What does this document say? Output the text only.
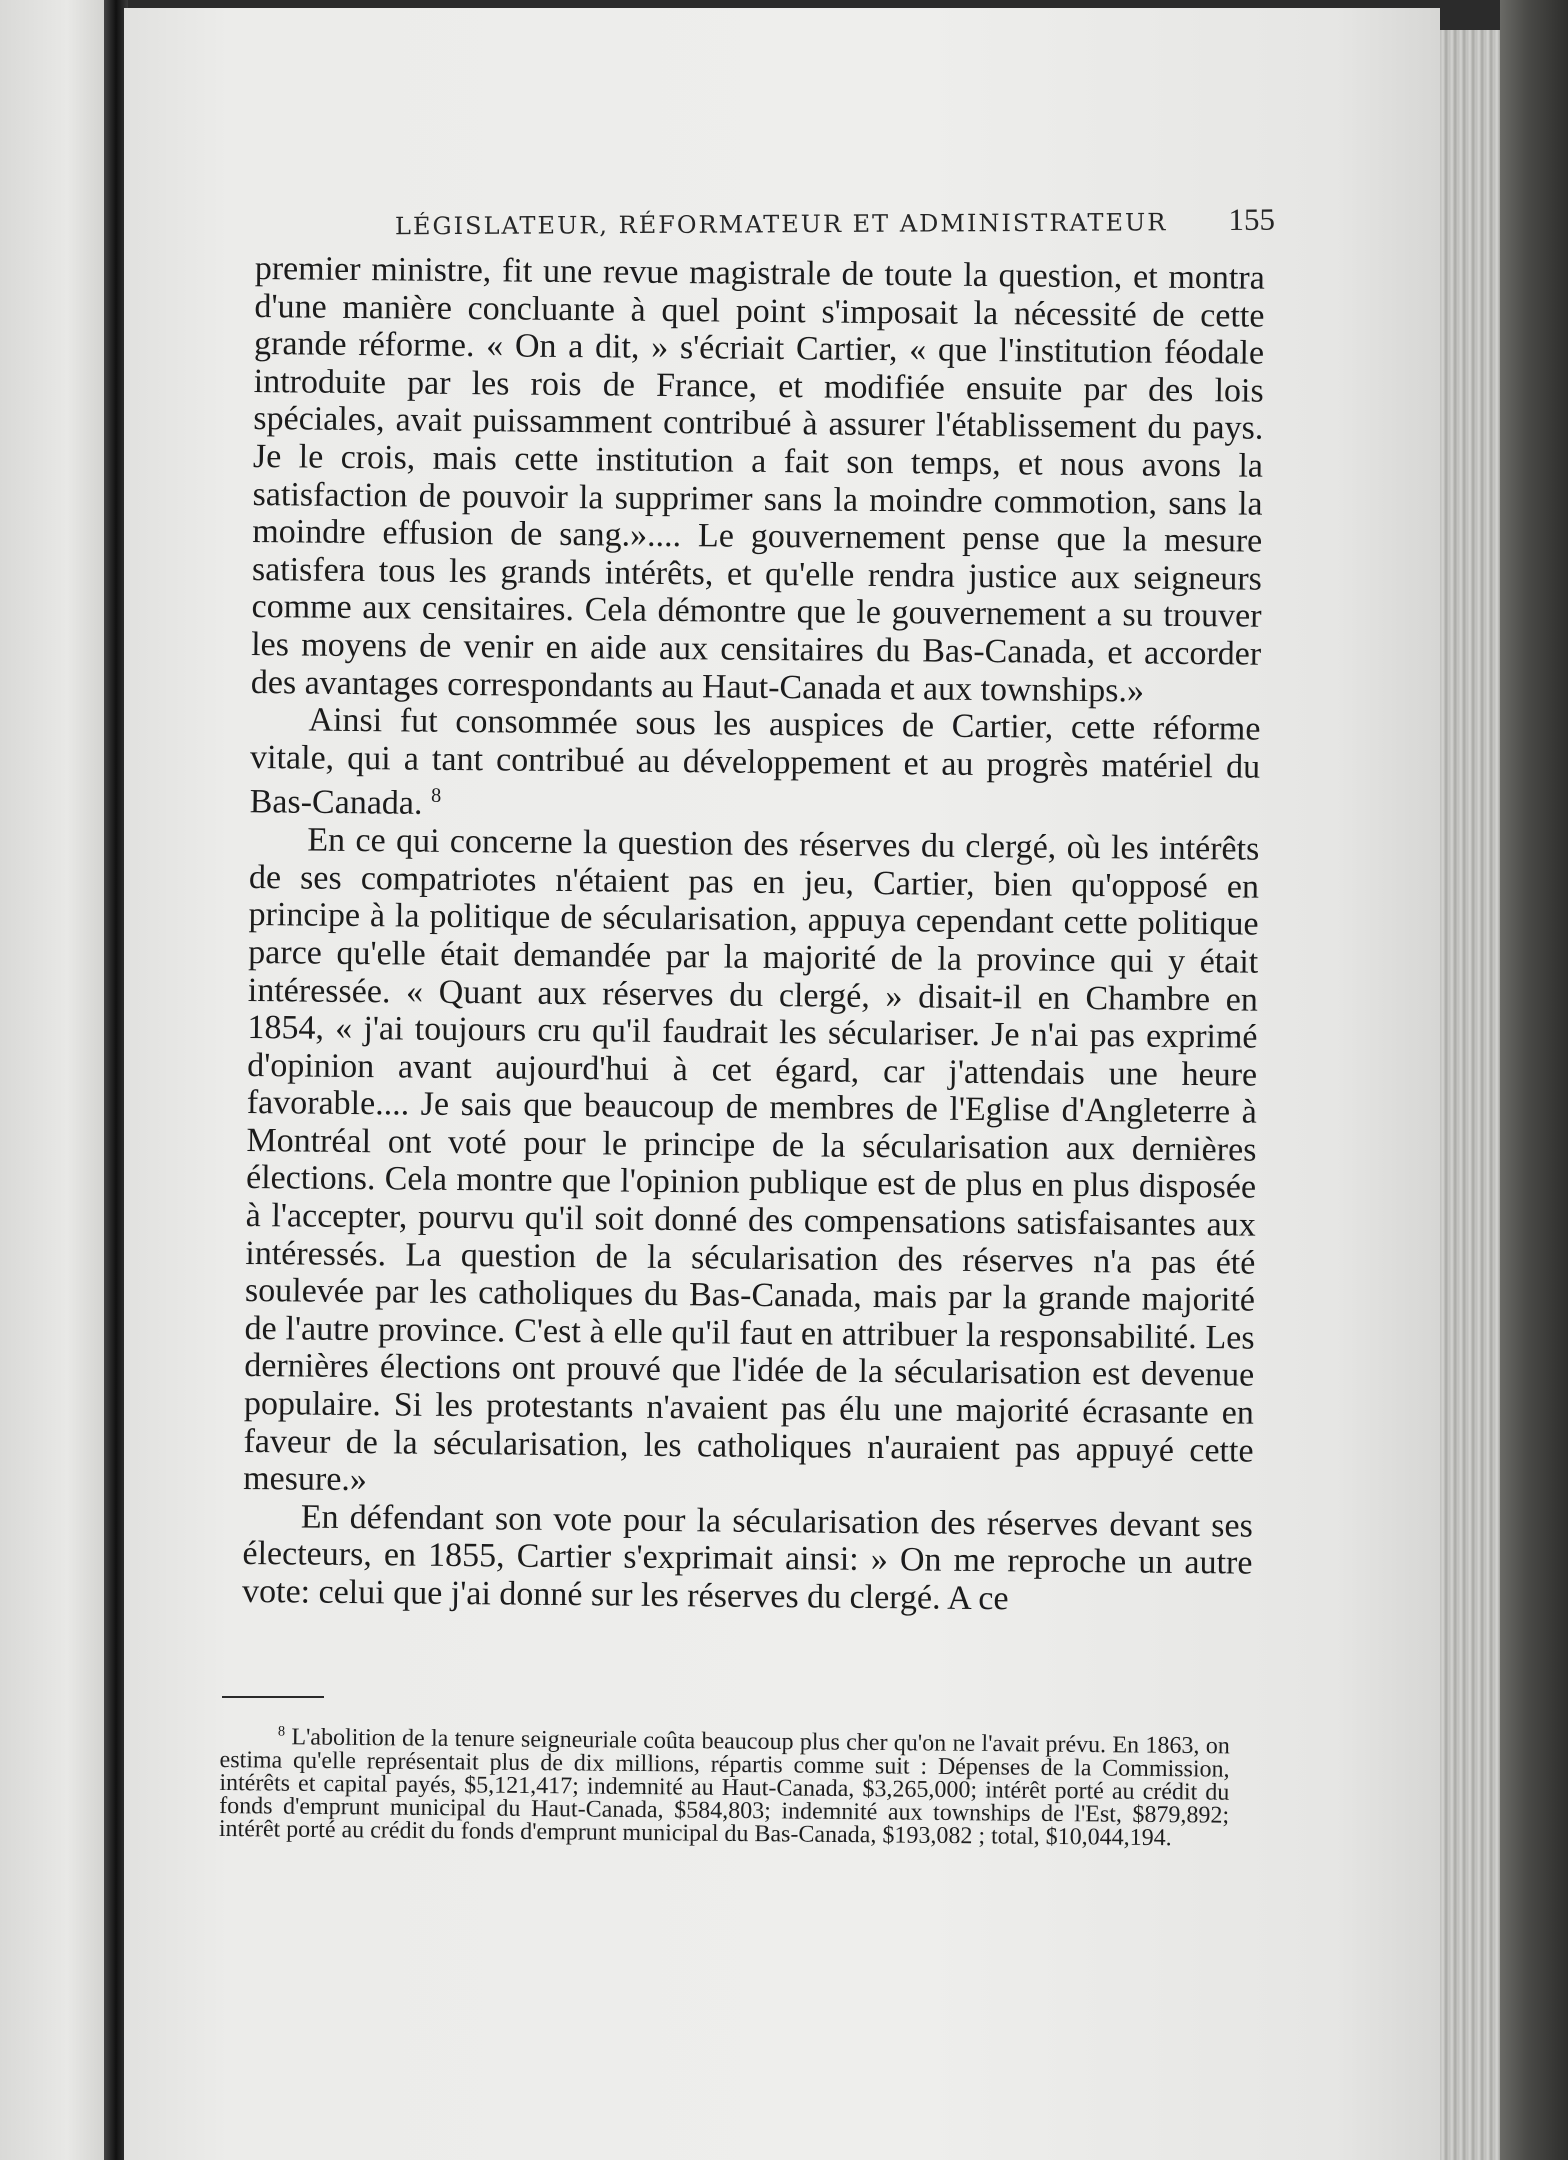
LÉGISLATEUR, RÉFORMATEUR ET ADMINISTRATEUR 155

premier ministre, fit une revue magistrale de toute la question, et montra d'une manière concluante à quel point s'imposait la nécessité de cette grande réforme. « On a dit, » s'écriait Cartier, « que l'institution féodale introduite par les rois de France, et modifiée ensuite par des lois spéciales, avait puissamment contribué à assurer l'établissement du pays. Je le crois, mais cette institution a fait son temps, et nous avons la satisfaction de pouvoir la supprimer sans la moindre commotion, sans la moindre effusion de sang.».... Le gouvernement pense que la mesure satisfera tous les grands intérêts, et qu'elle rendra justice aux seigneurs comme aux censitaires. Cela démontre que le gouvernement a su trouver les moyens de venir en aide aux censitaires du Bas-Canada, et accorder des avantages correspondants au Haut-Canada et aux townships.»

Ainsi fut consommée sous les auspices de Cartier, cette réforme vitale, qui a tant contribué au développement et au progrès matériel du Bas-Canada. $^8$

En ce qui concerne la question des réserves du clergé, où les intérêts de ses compatriotes n'étaient pas en jeu, Cartier, bien qu'opposé en principe à la politique de sécularisation, appuya cependant cette politique parce qu'elle était demandée par la majorité de la province qui y était intéressée. « Quant aux réserves du clergé, » disait-il en Chambre en 1854, « j'ai toujours cru qu'il faudrait les séculariser. Je n'ai pas exprimé d'opinion avant aujourd'hui à cet égard, car j'attendais une heure favorable.... Je sais que beaucoup de membres de l'Eglise d'Angleterre à Montréal ont voté pour le principe de la sécularisation aux dernières élections. Cela montre que l'opinion publique est de plus en plus disposée à l'accepter, pourvu qu'il soit donné des compensations satisfaisantes aux intéressés. La question de la sécularisation des réserves n'a pas été soulevée par les catholiques du Bas-Canada, mais par la grande majorité de l'autre province. C'est à elle qu'il faut en attribuer la responsabilité. Les dernières élections ont prouvé que l'idée de la sécularisation est devenue populaire. Si les protestants n'avaient pas élu une majorité écrasante en faveur de la sécularisation, les catholiques n'auraient pas appuyé cette mesure.»

En défendant son vote pour la sécularisation des réserves devant ses électeurs, en 1855, Cartier s'exprimait ainsi: » On me reproche un autre vote: celui que j'ai donné sur les réserves du clergé. A ce

$^8$ L'abolition de la tenure seigneuriale coûta beaucoup plus cher qu'on ne l'avait prévu. En 1863, on estima qu'elle représentait plus de dix millions, répartis comme suit : Dépenses de la Commission, intérêts et capital payés, $5,121,417; indemnité au Haut-Canada, $3,265,000; intérêt porté au crédit du fonds d'emprunt municipal du Haut-Canada, $584,803; indemnité aux townships de l'Est, $879,892; intérêt porté au crédit du fonds d'emprunt municipal du Bas-Canada, $193,082 ; total, $10,044,194.
